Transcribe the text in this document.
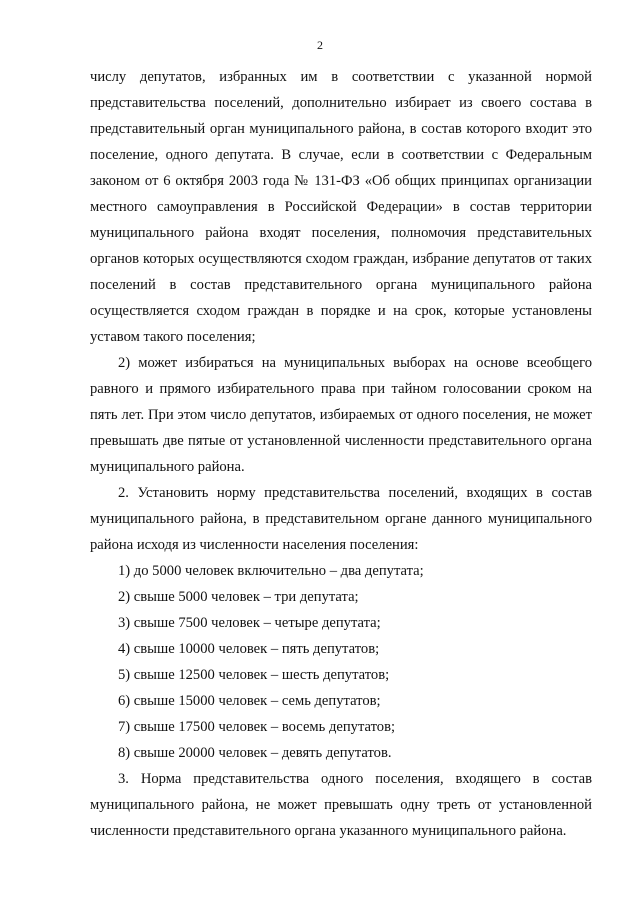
2

числу депутатов, избранных им в соответствии с указанной нормой представительства поселений, дополнительно избирает из своего состава в представительный орган муниципального района, в состав которого входит это поселение, одного депутата. В случае, если в соответствии с Федеральным законом от 6 октября 2003 года № 131-ФЗ «Об общих принципах организации местного самоуправления в Российской Федерации» в состав территории муниципального района входят поселения, полномочия представительных органов которых осуществляются сходом граждан, избрание депутатов от таких поселений в состав представительного органа муниципального района осуществляется сходом граждан в порядке и на срок, которые установлены уставом такого поселения;

2) может избираться на муниципальных выборах на основе всеобщего равного и прямого избирательного права при тайном голосовании сроком на пять лет. При этом число депутатов, избираемых от одного поселения, не может превышать две пятые от установленной численности представительного органа муниципального района.

2. Установить норму представительства поселений, входящих в состав муниципального района, в представительном органе данного муниципального района исходя из численности населения поселения:

1) до 5000 человек включительно – два депутата;

2) свыше 5000 человек – три депутата;

3) свыше 7500 человек – четыре депутата;

4) свыше 10000 человек – пять депутатов;

5) свыше 12500 человек – шесть депутатов;

6) свыше 15000 человек – семь депутатов;

7) свыше 17500 человек – восемь депутатов;

8) свыше 20000 человек – девять депутатов.

3. Норма представительства одного поселения, входящего в состав муниципального района, не может превышать одну треть от установленной численности представительного органа указанного муниципального района.
